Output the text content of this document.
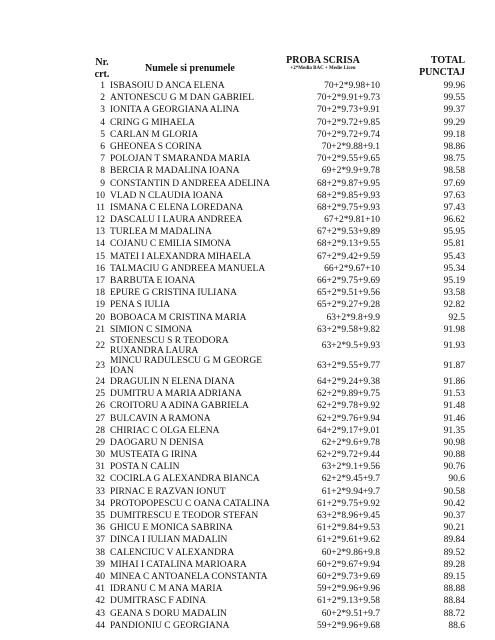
Nr.
crt.
Numele si prenumele
PROBA SCRISA
+2*Media BAC + Medie Liceu
TOTAL
PUNCTAJ
1 ISBASOIU D ANCA ELENA	70+2*9.98+10	99.96
2 ANTONESCU G M DAN GABRIEL	70+2*9.91+9.73	99.55
3 IONITA A GEORGIANA ALINA	70+2*9.73+9.91	99.37
4 CRING G MIHAELA	70+2*9.72+9.85	99.29
5 CARLAN M GLORIA	70+2*9.72+9.74	99.18
6 GHEONEA S CORINA	70+2*9.88+9.1	98.86
7 POLOJAN T SMARANDA MARIA	70+2*9.55+9.65	98.75
8 BERCIA R MADALINA IOANA	69+2*9.9+9.78	98.58
9 CONSTANTIN D ANDREEA ADELINA	68+2*9.87+9.95	97.69
10 VLAD N CLAUDIA IOANA	68+2*9.85+9.93	97.63
11 ISMANA C ELENA LOREDANA	68+2*9.75+9.93	97.43
12 DASCALU I LAURA ANDREEA	67+2*9.81+10	96.62
13 TURLEA M MADALINA	67+2*9.53+9.89	95.95
14 COJANU C EMILIA SIMONA	68+2*9.13+9.55	95.81
15 MATEI I ALEXANDRA MIHAELA	67+2*9.42+9.59	95.43
16 TALMACIU G ANDREEA MANUELA	66+2*9.67+10	95.34
17 BARBUTA E IOANA	66+2*9.75+9.69	95.19
18 EPURE G CRISTINA IULIANA	65+2*9.51+9.56	93.58
19 PENA S IULIA	65+2*9.27+9.28	92.82
20 BOBOACA M CRISTINA MARIA	63+2*9.8+9.9	92.5
21 SIMION C SIMONA	63+2*9.58+9.82	91.98
22 STOENESCU S R TEODORA RUXANDRA LAURA	63+2*9.5+9.93	91.93
23 MINCU RADULESCU G M GEORGE IOAN	63+2*9.55+9.77	91.87
24 DRAGULIN N ELENA DIANA	64+2*9.24+9.38	91.86
25 DUMITRU A MARIA ADRIANA	62+2*9.89+9.75	91.53
26 CROITORU A ADINA GABRIELA	62+2*9.78+9.92	91.48
27 BULCAVIN A RAMONA	62+2*9.76+9.94	91.46
28 CHIRIAC C OLGA ELENA	64+2*9.17+9.01	91.35
29 DAOGARU N DENISA	62+2*9.6+9.78	90.98
30 MUSTEATA G IRINA	62+2*9.72+9.44	90.88
31 POSTA N CALIN	63+2*9.1+9.56	90.76
32 COCIRLA G ALEXANDRA BIANCA	62+2*9.45+9.7	90.6
33 PIRNAC E RAZVAN IONUT	61+2*9.94+9.7	90.58
34 PROTOPOPESCU C OANA CATALINA	61+2*9.75+9.92	90.42
35 DUMITRESCU E TEODOR STEFAN	63+2*8.96+9.45	90.37
36 GHICU E MONICA SABRINA	61+2*9.84+9.53	90.21
37 DINCA I IULIAN MADALIN	61+2*9.61+9.62	89.84
38 CALENCIUC V ALEXANDRA	60+2*9.86+9.8	89.52
39 MIHAI I CATALINA MARIOARA	60+2*9.67+9.94	89.28
40 MINEA C ANTOANELA CONSTANTA	60+2*9.73+9.69	89.15
41 IDRANU C M ANA MARIA	59+2*9.96+9.96	88.88
42 DUMITRASC F ADINA	61+2*9.13+9.58	88.84
43 GEANA S DORU MADALIN	60+2*9.51+9.7	88.72
44 PANDIONIU C GEORGIANA	59+2*9.96+9.68	88.6
